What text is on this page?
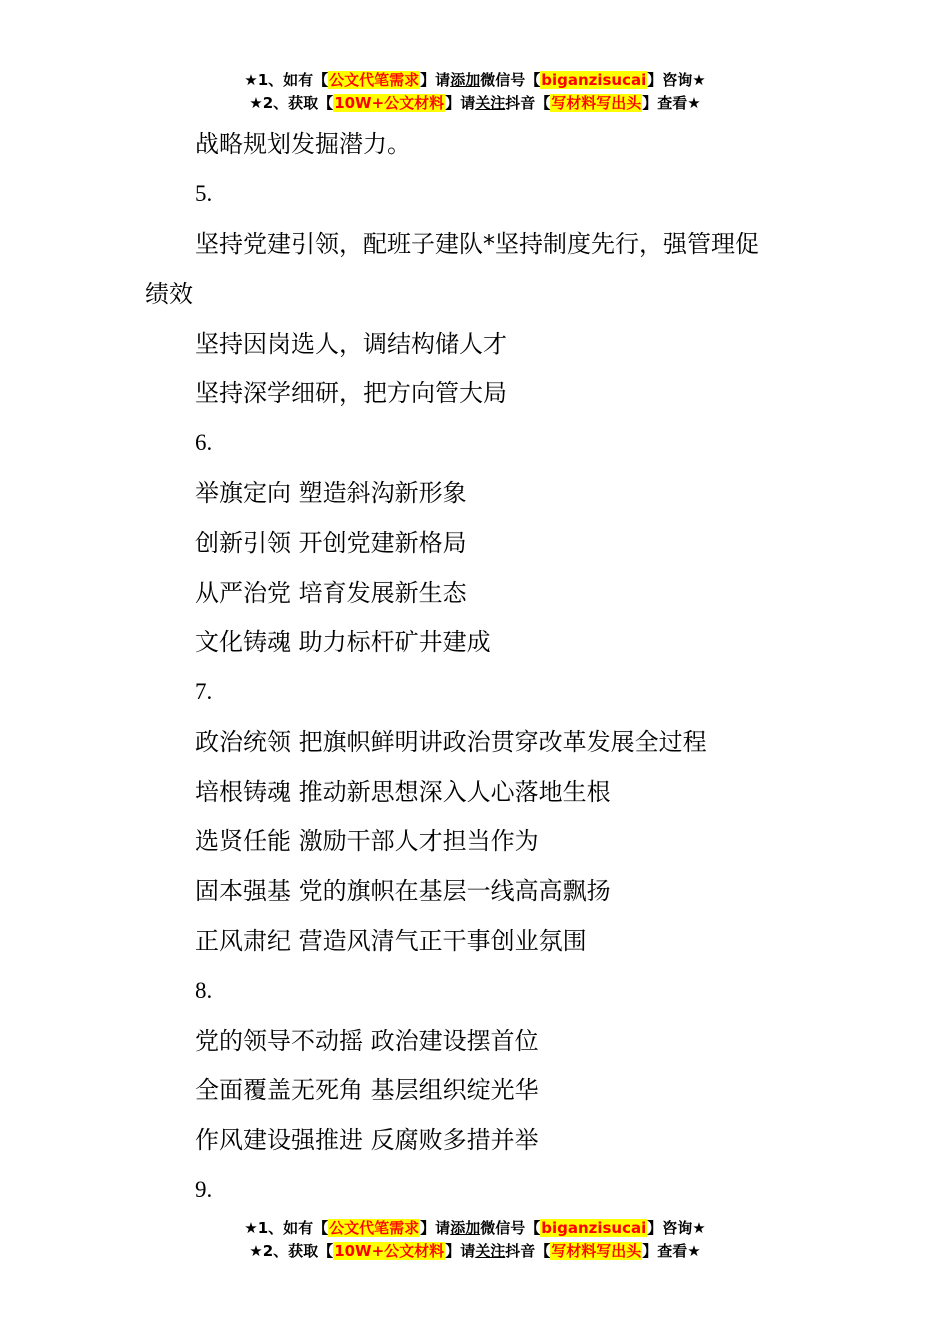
★1、如有【公文代笔需求】请添加微信号【biganzisucai】咨询★
★2、获取【10W+公文材料】请关注抖音【写材料写出头】查看★
战略规划发掘潜力。
5.
坚持党建引领，配班子建队*坚持制度先行，强管理促
绩效
坚持因岗选人，调结构储人才
坚持深学细研，把方向管大局
6.
举旗定向 塑造斜沟新形象
创新引领 开创党建新格局
从严治党 培育发展新生态
文化铸魂 助力标杆矿井建成
7.
政治统领 把旗帜鲜明讲政治贯穿改革发展全过程
培根铸魂 推动新思想深入人心落地生根
选贤任能 激励干部人才担当作为
固本强基 党的旗帜在基层一线高高飘扬
正风肃纪 营造风清气正干事创业氛围
8.
党的领导不动摇 政治建设摆首位
全面覆盖无死角 基层组织绽光华
作风建设强推进 反腐败多措并举
9.
★1、如有【公文代笔需求】请添加微信号【biganzisucai】咨询★
★2、获取【10W+公文材料】请关注抖音【写材料写出头】查看★
